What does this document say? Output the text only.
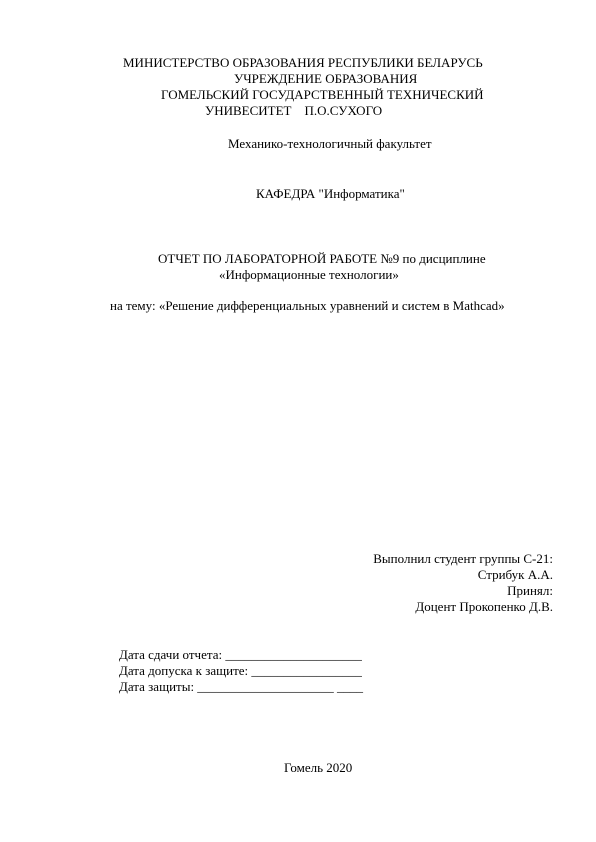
МИНИСТЕРСТВО ОБРАЗОВАНИЯ РЕСПУБЛИКИ БЕЛАРУСЬ
УЧРЕЖДЕНИЕ ОБРАЗОВАНИЯ
ГОМЕЛЬСКИЙ ГОСУДАРСТВЕННЫЙ ТЕХНИЧЕСКИЙ
УНИВЕСИТЕТ    П.О.СУХОГО
Механико-технологичный факультет
КАФЕДРА "Информатика"
ОТЧЕТ ПО ЛАБОРАТОРНОЙ РАБОТЕ №9 по дисциплине
«Информационные технологии»
на тему: «Решение дифференциальных уравнений и систем в Mathcad»
Выполнил студент группы С-21:
Стрибук А.А.
Принял:
Доцент Прокопенко Д.В.
Дата сдачи отчета: _____________________
Дата допуска к защите: _________________
Дата защиты: _____________________ ____
Гомель 2020
